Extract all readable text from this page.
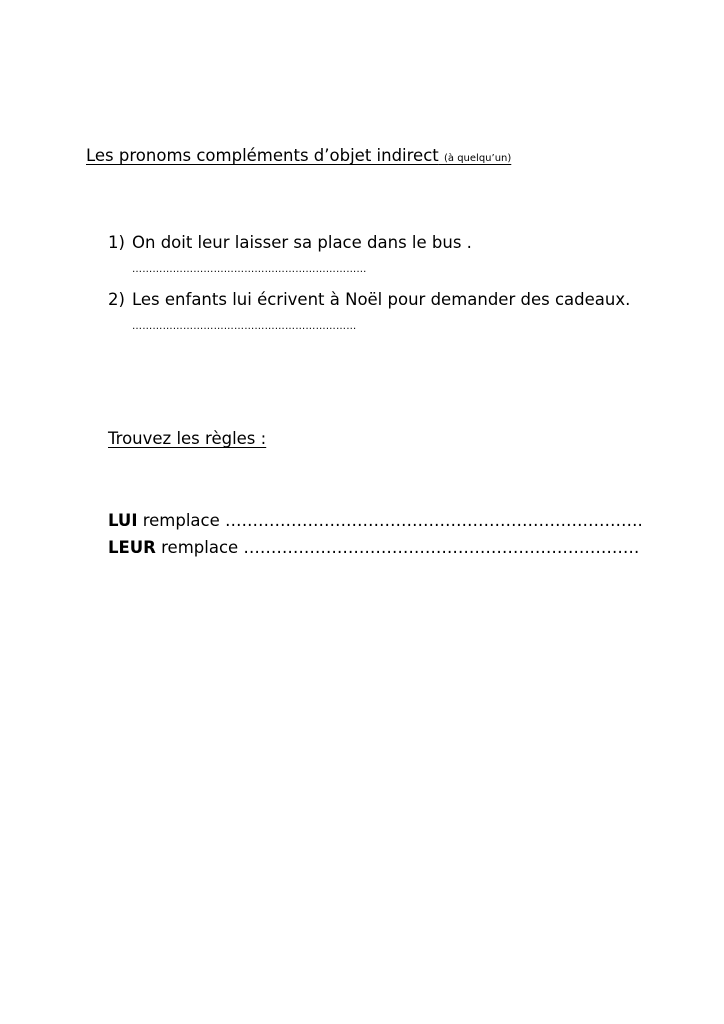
Les pronoms compléments d’objet indirect (à quelqu’un)
1) On doit leur laisser sa place dans le bus .
……………………………………………………………
2) Les enfants lui écrivent à Noël pour demander des cadeaux.
…………………………………………………………
Trouvez les règles :
LUI remplace ………………………………………………………………….
LEUR remplace ………………………………………………………………
